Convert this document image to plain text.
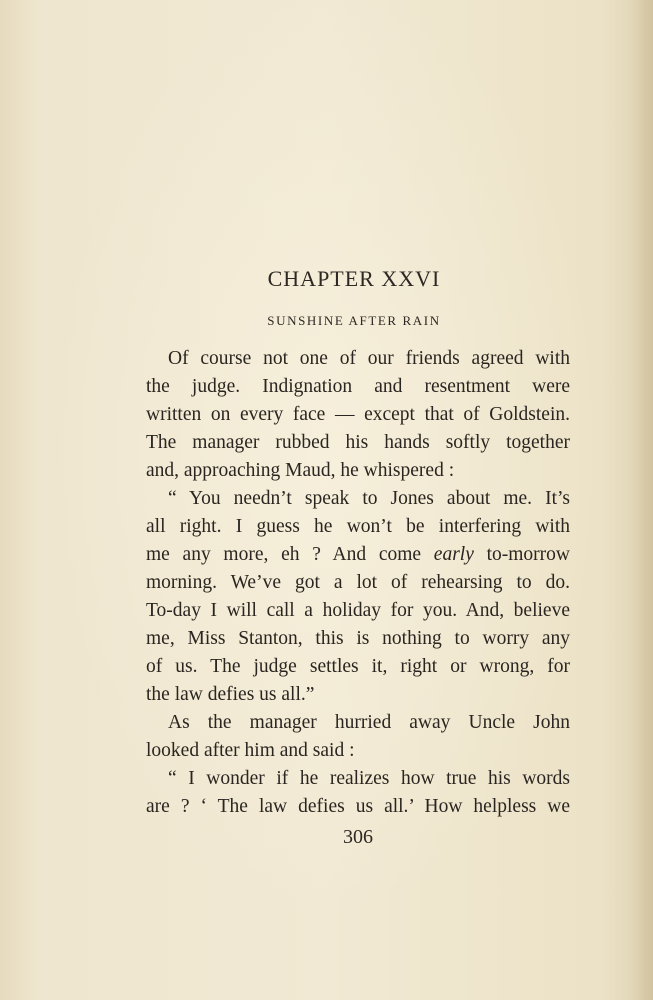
CHAPTER XXVI
SUNSHINE AFTER RAIN
Of course not one of our friends agreed with
the judge. Indignation and resentment were
written on every face — except that of Goldstein.
The manager rubbed his hands softly together
and, approaching Maud, he whispered :
“ You needn’t speak to Jones about me. It’s
all right. I guess he won’t be interfering with
me any more, eh ? And come early to-morrow
morning. We’ve got a lot of rehearsing to do.
To-day I will call a holiday for you. And, believe
me, Miss Stanton, this is nothing to worry any
of us. The judge settles it, right or wrong, for
the law defies us all.”
As the manager hurried away Uncle John
looked after him and said :
“ I wonder if he realizes how true his words
are ? ‘ The law defies us all.’ How helpless we
306
